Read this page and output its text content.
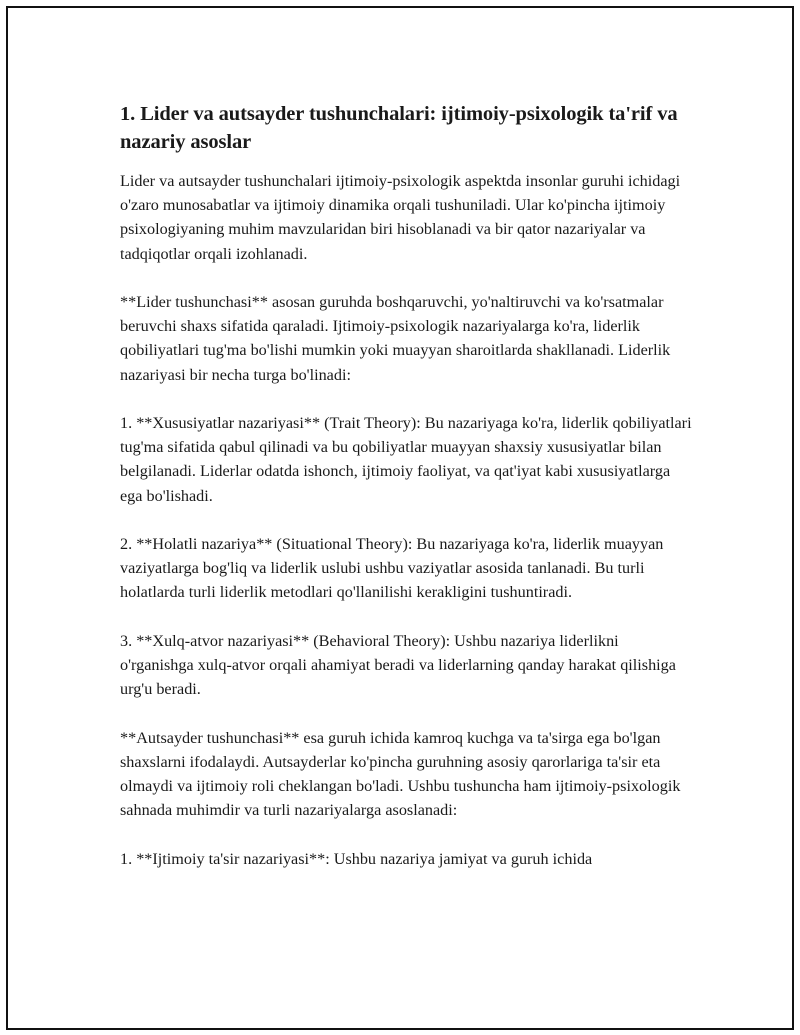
1. Lider va autsayder tushunchalari: ijtimoiy-psixologik ta'rif va nazariy asoslar

Lider va autsayder tushunchalari ijtimoiy-psixologik aspektda insonlar guruhi ichidagi o'zaro munosabatlar va ijtimoiy dinamika orqali tushuniladi. Ular ko'pincha ijtimoiy psixologiyaning muhim mavzularidan biri hisoblanadi va bir qator nazariyalar va tadqiqotlar orqali izohlanadi.

**Lider tushunchasi** asosan guruhda boshqaruvchi, yo'naltiruvchi va ko'rsatmalar beruvchi shaxs sifatida qaraladi. Ijtimoiy-psixologik nazariyalarga ko'ra, liderlik qobiliyatlari tug'ma bo'lishi mumkin yoki muayyan sharoitlarda shakllanadi. Liderlik nazariyasi bir necha turga bo'linadi:

1. **Xususiyatlar nazariyasi** (Trait Theory): Bu nazariyaga ko'ra, liderlik qobiliyatlari tug'ma sifatida qabul qilinadi va bu qobiliyatlar muayyan shaxsiy xususiyatlar bilan belgilanadi. Liderlar odatda ishonch, ijtimoiy faoliyat, va qat'iyat kabi xususiyatlarga ega bo'lishadi.

2. **Holatli nazariya** (Situational Theory): Bu nazariyaga ko'ra, liderlik muayyan vaziyatlarga bog'liq va liderlik uslubi ushbu vaziyatlar asosida tanlanadi. Bu turli holatlarda turli liderlik metodlari qo'llanilishi kerakligini tushuntiradi.

3. **Xulq-atvor nazariyasi** (Behavioral Theory): Ushbu nazariya liderlikni o'rganishga xulq-atvor orqali ahamiyat beradi va liderlarning qanday harakat qilishiga urg'u beradi.

**Autsayder tushunchasi** esa guruh ichida kamroq kuchga va ta'sirga ega bo'lgan shaxslarni ifodalaydi. Autsayderlar ko'pincha guruhning asosiy qarorlariga ta'sir eta olmaydi va ijtimoiy roli cheklangan bo'ladi. Ushbu tushuncha ham ijtimoiy-psixologik sahnada muhimdir va turli nazariyalarga asoslanadi:

1. **Ijtimoiy ta'sir nazariyasi**: Ushbu nazariya jamiyat va guruh ichida
